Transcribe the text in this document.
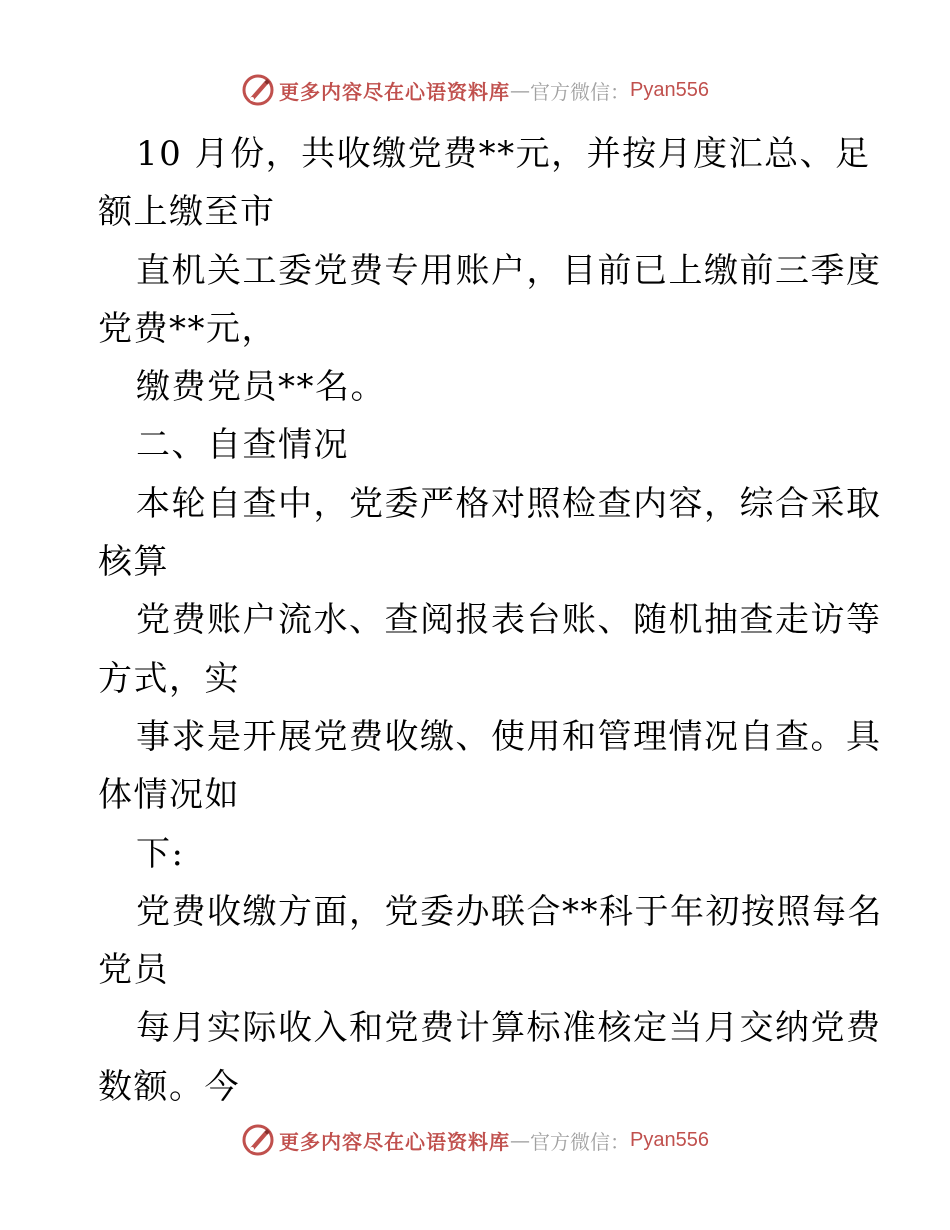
更多内容尽在心语资料库 — 官方微信： Pyan556
10 月份，共收缴党费**元，并按月度汇总、足
额上缴至市
直机关工委党费专用账户，目前已上缴前三季度
党费**元，
缴费党员**名。
二、自查情况
本轮自查中，党委严格对照检查内容，综合采取
核算
党费账户流水、查阅报表台账、随机抽查走访等
方式，实
事求是开展党费收缴、使用和管理情况自查。具
体情况如
下:
党费收缴方面，党委办联合**科于年初按照每名
党员
每月实际收入和党费计算标准核定当月交纳党费
数额。今
更多内容尽在心语资料库 — 官方微信： Pyan556
